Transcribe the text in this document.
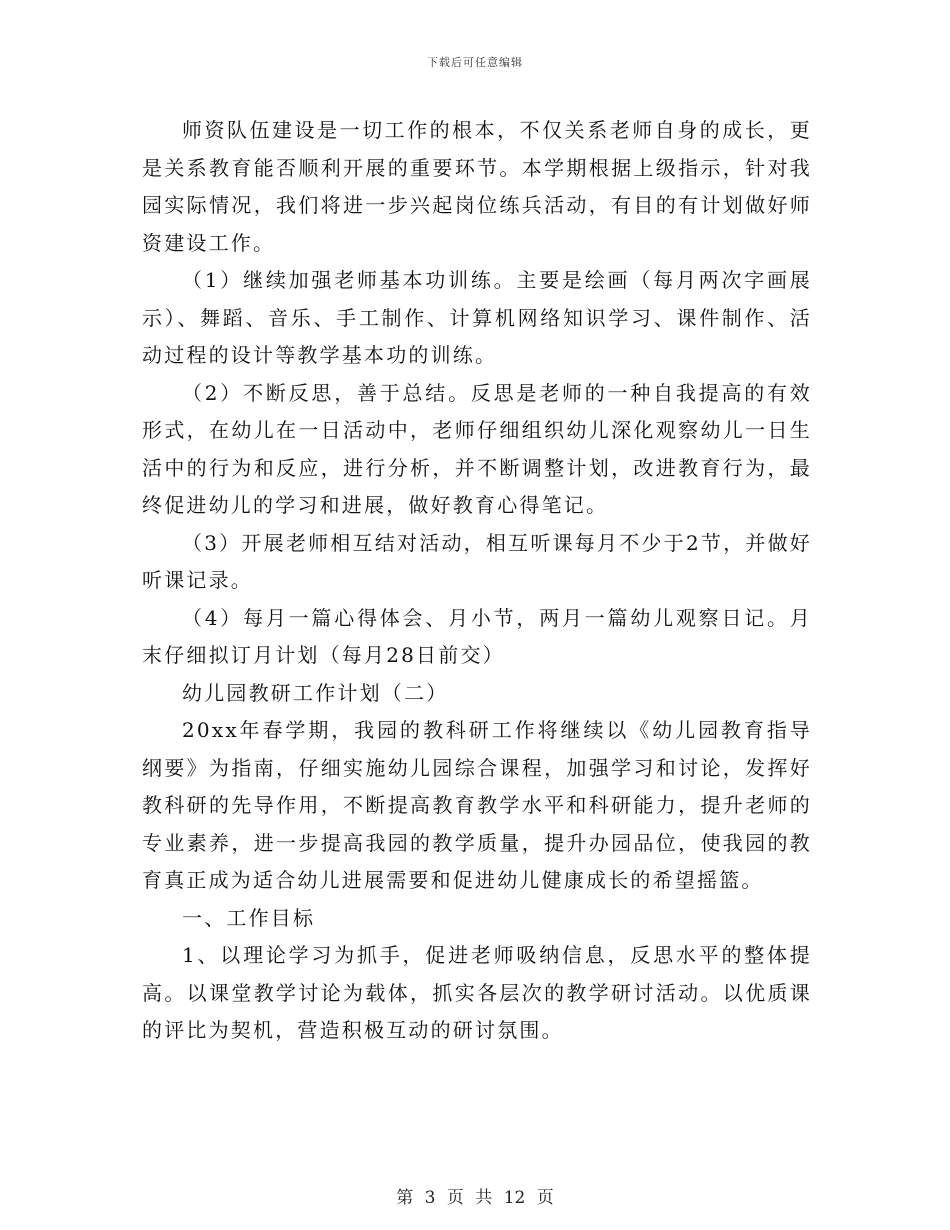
下载后可任意编辑

师资队伍建设是一切工作的根本，不仅关系老师自身的成长，更是关系教育能否顺利开展的重要环节。本学期根据上级指示，针对我园实际情况，我们将进一步兴起岗位练兵活动，有目的有计划做好师资建设工作。

（1）继续加强老师基本功训练。主要是绘画（每月两次字画展示）、舞蹈、音乐、手工制作、计算机网络知识学习、课件制作、活动过程的设计等教学基本功的训练。

（2）不断反思，善于总结。反思是老师的一种自我提高的有效形式，在幼儿在一日活动中，老师仔细组织幼儿深化观察幼儿一日生活中的行为和反应，进行分析，并不断调整计划，改进教育行为，最终促进幼儿的学习和进展，做好教育心得笔记。

（3）开展老师相互结对活动，相互听课每月不少于2节，并做好听课记录。

（4）每月一篇心得体会、月小节，两月一篇幼儿观察日记。月末仔细拟订月计划（每月28日前交）

幼儿园教研工作计划（二）

20xx年春学期，我园的教科研工作将继续以《幼儿园教育指导纲要》为指南，仔细实施幼儿园综合课程，加强学习和讨论，发挥好教科研的先导作用，不断提高教育教学水平和科研能力，提升老师的专业素养，进一步提高我园的教学质量，提升办园品位，使我园的教育真正成为适合幼儿进展需要和促进幼儿健康成长的希望摇篮。

一、工作目标

1、以理论学习为抓手，促进老师吸纳信息，反思水平的整体提高。以课堂教学讨论为载体，抓实各层次的教学研讨活动。以优质课的评比为契机，营造积极互动的研讨氛围。

第 3 页 共 12 页
